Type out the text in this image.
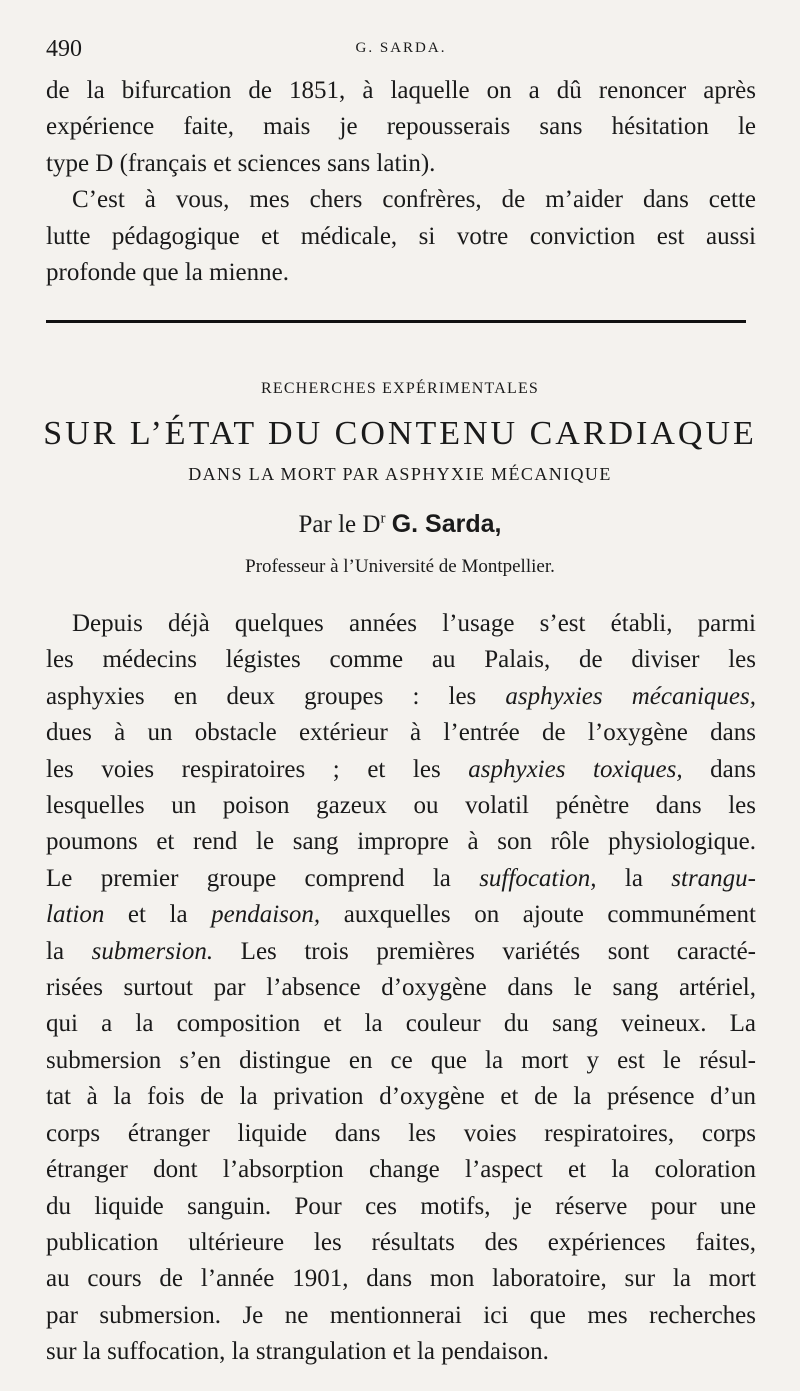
490	G. SARDA.
de la bifurcation de 1851, à laquelle on a dû renoncer après
expérience faite, mais je repousserais sans hésitation le
type D (français et sciences sans latin).
C’est à vous, mes chers confrères, de m’aider dans cette
lutte pédagogique et médicale, si votre conviction est aussi
profonde que la mienne.
RECHERCHES EXPÉRIMENTALES
SUR L’ÉTAT DU CONTENU CARDIAQUE
DANS LA MORT PAR ASPHYXIE MÉCANIQUE
Par le $D^r$ G. Sarda,
Professeur à l’Université de Montpellier.
Depuis déjà quelques années l’usage s’est établi, parmi
les médecins légistes comme au Palais, de diviser les
asphyxies en deux groupes : les asphyxies mécaniques,
dues à un obstacle extérieur à l’entrée de l’oxygène dans
les voies respiratoires ; et les asphyxies toxiques, dans
lesquelles un poison gazeux ou volatil pénètre dans les
poumons et rend le sang impropre à son rôle physiologique.
Le premier groupe comprend la suffocation, la strangu-
lation et la pendaison, auxquelles on ajoute communément
la submersion. Les trois premières variétés sont caracté-
risées surtout par l’absence d’oxygène dans le sang artériel,
qui a la composition et la couleur du sang veineux. La
submersion s’en distingue en ce que la mort y est le résul-
tat à la fois de la privation d’oxygène et de la présence d’un
corps étranger liquide dans les voies respiratoires, corps
étranger dont l’absorption change l’aspect et la coloration
du liquide sanguin. Pour ces motifs, je réserve pour une
publication ultérieure les résultats des expériences faites,
au cours de l’année 1901, dans mon laboratoire, sur la mort
par submersion. Je ne mentionnerai ici que mes recherches
sur la suffocation, la strangulation et la pendaison.
